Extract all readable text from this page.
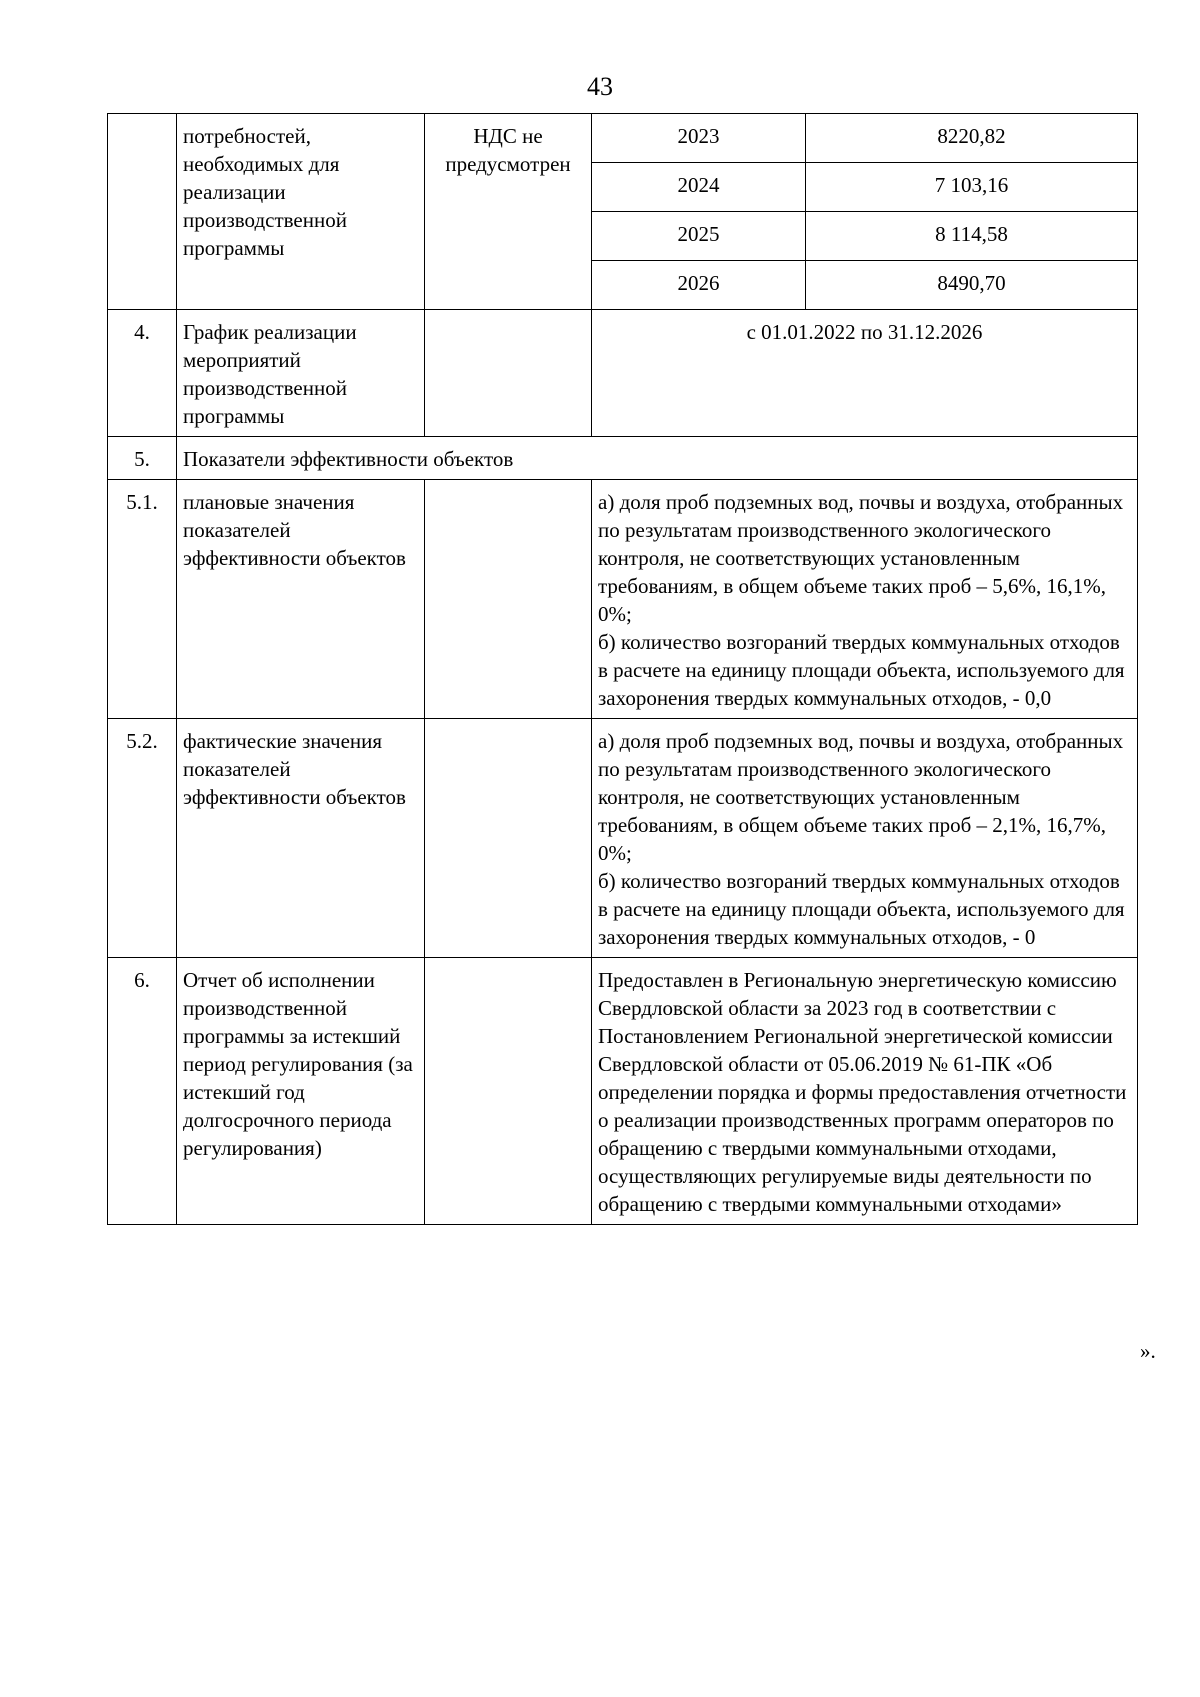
43
	потребностей, необходимых для реализации производственной программы	НДС не предусмотрен	2023	8220,82
			2024	7 103,16
			2025	8 114,58
			2026	8490,70
4.	График реализации мероприятий производственной программы		с 01.01.2022 по 31.12.2026	
5.	Показатели эффективности объектов			
5.1.	плановые значения показателей эффективности объектов		а) доля проб подземных вод, почвы и воздуха, отобранных по результатам производственного экологического контроля, не соответствующих установленным требованиям, в общем объеме таких проб – 5,6%, 16,1%, 0%;
б) количество возгораний твердых коммунальных отходов в расчете на единицу площади объекта, используемого для захоронения твердых коммунальных отходов, - 0,0	

5.2.	фактические значения показателей эффективности объектов		а) доля проб подземных вод, почвы и воздуха, отобранных по результатам производственного экологического контроля, не соответствующих установленным требованиям, в общем объеме таких проб – 2,1%, 16,7%, 0%;
б) количество возгораний твердых коммунальных отходов в расчете на единицу площади объекта, используемого для захоронения твердых коммунальных отходов, - 0	

6.	Отчет об исполнении производственной программы за истекший период регулирования (за истекший год долгосрочного периода регулирования)		Предоставлен в Региональную энергетическую комиссию Свердловской области за 2023 год в соответствии с Постановлением Региональной энергетической комиссии Свердловской области от 05.06.2019 № 61-ПК «Об определении порядка и формы предоставления отчетности о реализации производственных программ операторов по обращению с твердыми коммунальными отходами, осуществляющих регулируемые виды деятельности по обращению с твердыми коммунальными отходами»	
».
